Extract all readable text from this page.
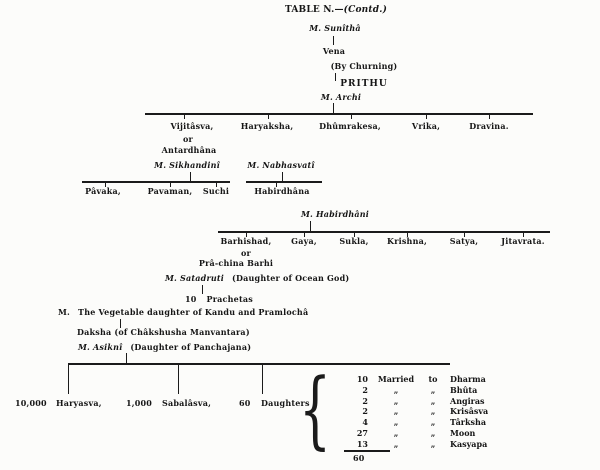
TABLE N.—(Contd.)
M. Sunîthâ
Vena
(By Churning)
PRITHU
M. Archi
Vijitâsva,
or
Antardhâna
Haryaksha,	Dhûmrakesa,	Vrika,	Dravina.
M. Sikhandinî
Pâvaka,	Pavaman, Suchi
M. Nabhasvatî
Habirdhâna
M. Habirdhâni
Barhishad, Gaya,	Sukla, Krishna,	Satya,	Jitavrata.
or
Prâ-china Barhi
M. Satadruti (Daughter of Ocean God)
10 Prachetas
M. The Vegetable daughter of Kandu and Pramlochâ
Daksha (of Châkshusha Manvantara)
M. Asiknî (Daughter of Panchajana)
10,000 Haryasva,	1,000 Sabalâsva,	60 Daughters
{	10	Married	to	Dharma
2	„	„	Bhûta
2	„	„	Angiras
2	„	„	Krisâsva
4	„	„	Târksha
27	„	„	Moon
13	„	„	Kasyapa
60
